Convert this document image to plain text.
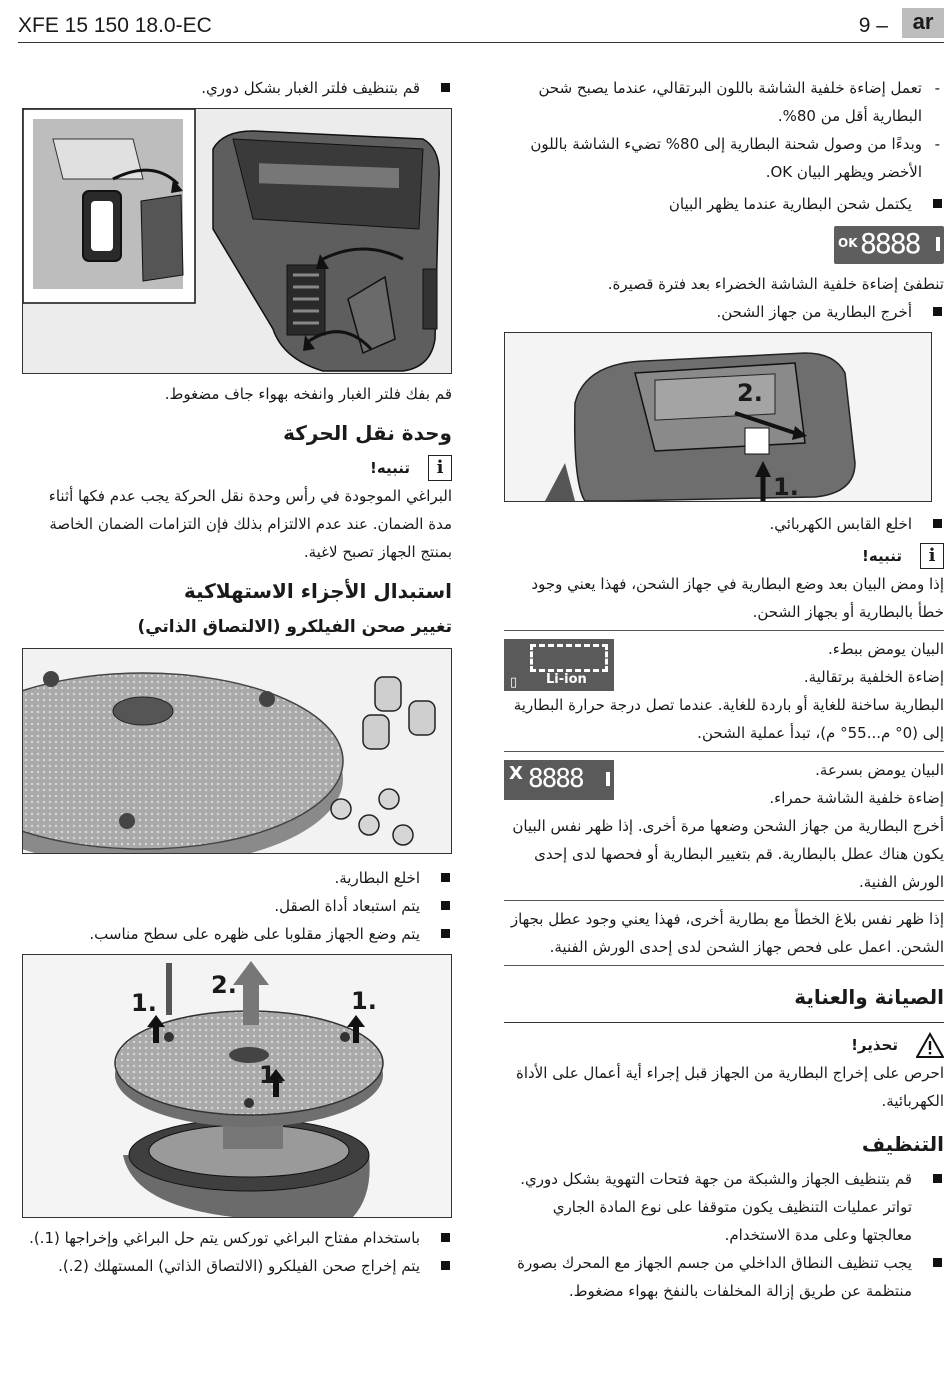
XFE 15 150 18.0-EC	9 –	ar
- تعمل إضاءة خلفية الشاشة باللون البرتقالي، عندما يصبح شحن البطارية أقل من 80%.
- وبدءًا من وصول شحنة البطارية إلى 80% تضيء الشاشة باللون الأخضر ويظهر البيان OK.
يكتمل شحن البطارية عندما يظهر البيان
OK 8888
تنطفئ إضاءة خلفية الشاشة الخضراء بعد فترة قصيرة.
أخرج البطارية من جهاز الشحن.
2.
1.
اخلع القابس الكهربائي.
i
تنبيه!
إذا ومض البيان بعد وضع البطارية في جهاز الشحن، فهذا يعني وجود خطأ بالبطارية أو بجهاز الشحن.
البيان يومض ببطء.
إضاءة الخلفية برتقالية.
▯ Li-ion
البطارية ساخنة للغاية أو باردة للغاية. عندما تصل درجة حرارة البطارية إلى (0° م...55° م)، تبدأ عملية الشحن.
البيان يومض بسرعة.
إضاءة خلفية الشاشة حمراء.
X 8888
أخرج البطارية من جهاز الشحن وضعها مرة أخرى. إذا ظهر نفس البيان يكون هناك عطل بالبطارية. قم بتغيير البطارية أو فحصها لدى إحدى الورش الفنية.
إذا ظهر نفس بلاغ الخطأ مع بطارية أخرى، فهذا يعني وجود عطل بجهاز الشحن. اعمل على فحص جهاز الشحن لدى إحدى الورش الفنية.
الصيانة والعناية
تحذير!
احرص على إخراج البطارية من الجهاز قبل إجراء أية أعمال على الأداة الكهربائية.
التنظيف
قم بتنظيف الجهاز والشبكة من جهة فتحات التهوية بشكل دوري. تواتر عمليات التنظيف يكون متوقفا على نوع المادة الجاري معالجتها وعلى مدة الاستخدام.
يجب تنظيف النطاق الداخلي من جسم الجهاز مع المحرك بصورة منتظمة عن طريق إزالة المخلفات بالنفخ بهواء مضغوط.
قم بتنظيف فلتر الغبار بشكل دوري.
قم بفك فلتر الغبار وانفخه بهواء جاف مضغوط.
وحدة نقل الحركة
i
تنبيه!
البراغي الموجودة في رأس وحدة نقل الحركة يجب عدم فكها أثناء مدة الضمان. عند عدم الالتزام بذلك فإن التزامات الضمان الخاصة بمنتج الجهاز تصبح لاغية.
استبدال الأجزاء الاستهلاكية
تغيير صحن الفيلكرو (الالتصاق الذاتي)
اخلع البطارية.
يتم استبعاد أداة الصقل.
يتم وضع الجهاز مقلوبا على ظهره على سطح مناسب.
1.
2.
1.
1.
باستخدام مفتاح البراغي توركس يتم حل البراغي وإخراجها (1.).
يتم إخراج صحن الفيلكرو (الالتصاق الذاتي) المستهلك (2.).
